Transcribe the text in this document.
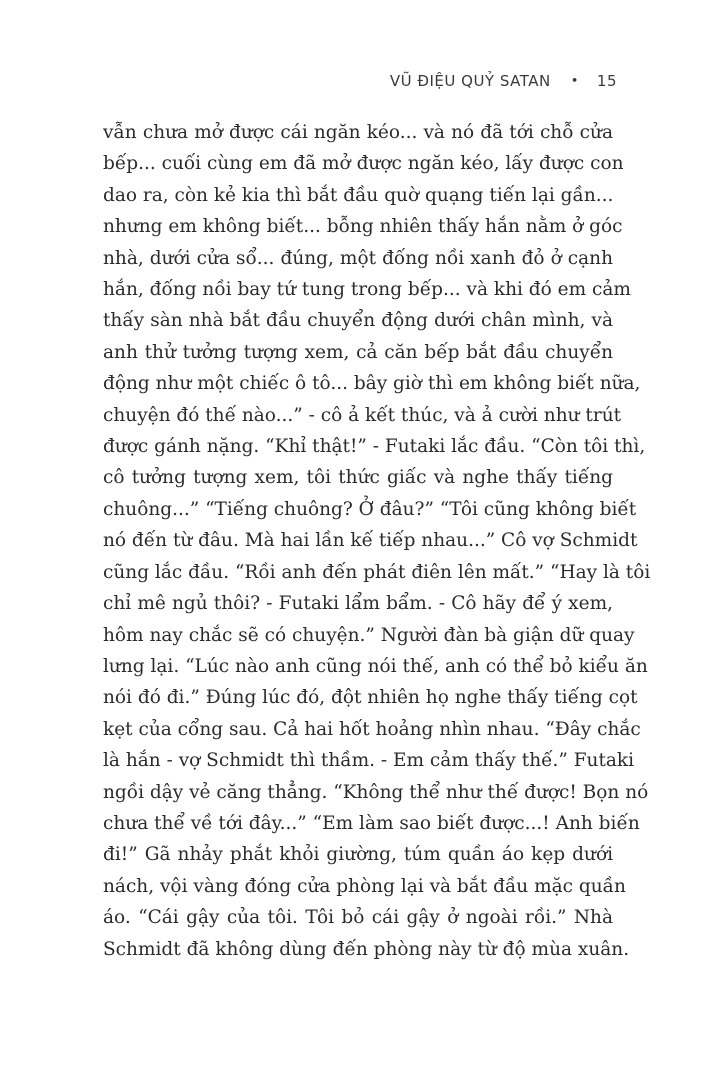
VŨ ĐIỆU QUỶ SATAN • 15
vẫn chưa mở được cái ngăn kéo... và nó đã tới chỗ cửa
bếp... cuối cùng em đã mở được ngăn kéo, lấy được con
dao ra, còn kẻ kia thì bắt đầu quờ quạng tiến lại gần...
nhưng em không biết... bỗng nhiên thấy hắn nằm ở góc
nhà, dưới cửa sổ... đúng, một đống nồi xanh đỏ ở cạnh
hắn, đống nồi bay tứ tung trong bếp... và khi đó em cảm
thấy sàn nhà bắt đầu chuyển động dưới chân mình, và
anh thử tưởng tượng xem, cả căn bếp bắt đầu chuyển
động như một chiếc ô tô... bây giờ thì em không biết nữa,
chuyện đó thế nào...” - cô ả kết thúc, và ả cười như trút
được gánh nặng. “Khỉ thật!” - Futaki lắc đầu. “Còn tôi thì,
cô tưởng tượng xem, tôi thức giấc và nghe thấy tiếng
chuông...” “Tiếng chuông? Ở đâu?” “Tôi cũng không biết
nó đến từ đâu. Mà hai lần kế tiếp nhau...” Cô vợ Schmidt
cũng lắc đầu. “Rồi anh đến phát điên lên mất.” “Hay là tôi
chỉ mê ngủ thôi? - Futaki lẩm bẩm. - Cô hãy để ý xem,
hôm nay chắc sẽ có chuyện.” Người đàn bà giận dữ quay
lưng lại. “Lúc nào anh cũng nói thế, anh có thể bỏ kiểu ăn
nói đó đi.” Đúng lúc đó, đột nhiên họ nghe thấy tiếng cọt
kẹt của cổng sau. Cả hai hốt hoảng nhìn nhau. “Đây chắc
là hắn - vợ Schmidt thì thầm. - Em cảm thấy thế.” Futaki
ngồi dậy vẻ căng thẳng. “Không thể như thế được! Bọn nó
chưa thể về tới đây...” “Em làm sao biết được...! Anh biến
đi!” Gã nhảy phắt khỏi giường, túm quần áo kẹp dưới
nách, vội vàng đóng cửa phòng lại và bắt đầu mặc quần
áo. “Cái gậy của tôi. Tôi bỏ cái gậy ở ngoài rồi.” Nhà
Schmidt đã không dùng đến phòng này từ độ mùa xuân.
